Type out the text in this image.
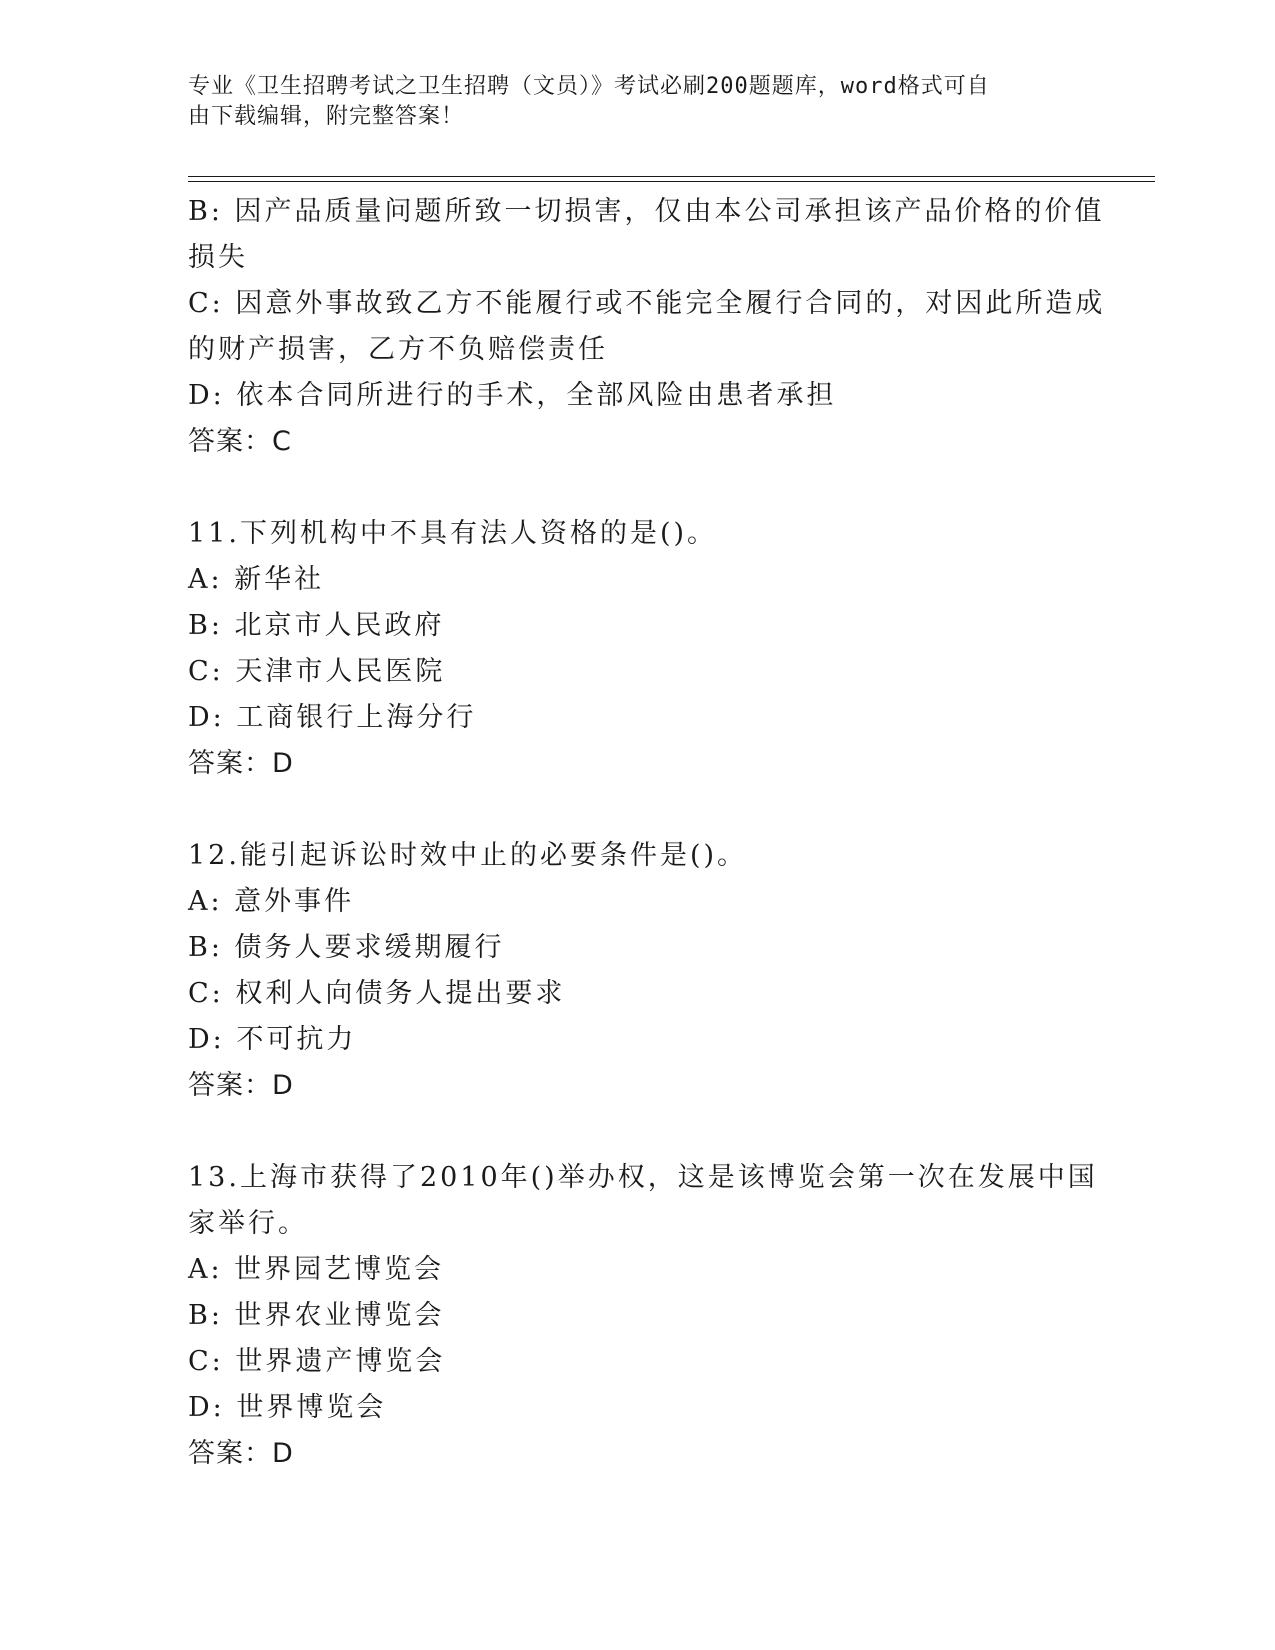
专业《卫生招聘考试之卫生招聘（文员）》考试必刷200题题库，word格式可自
由下载编辑，附完整答案！
B: 因产品质量问题所致一切损害，仅由本公司承担该产品价格的价值
损失
C: 因意外事故致乙方不能履行或不能完全履行合同的，对因此所造成
的财产损害，乙方不负赔偿责任
D: 依本合同所进行的手术，全部风险由患者承担
答案：C
11.下列机构中不具有法人资格的是()。
A: 新华社
B: 北京市人民政府
C: 天津市人民医院
D: 工商银行上海分行
答案：D
12.能引起诉讼时效中止的必要条件是()。
A: 意外事件
B: 债务人要求缓期履行
C: 权利人向债务人提出要求
D: 不可抗力
答案：D
13.上海市获得了2010年()举办权，这是该博览会第一次在发展中国
家举行。
A: 世界园艺博览会
B: 世界农业博览会
C: 世界遗产博览会
D: 世界博览会
答案：D
